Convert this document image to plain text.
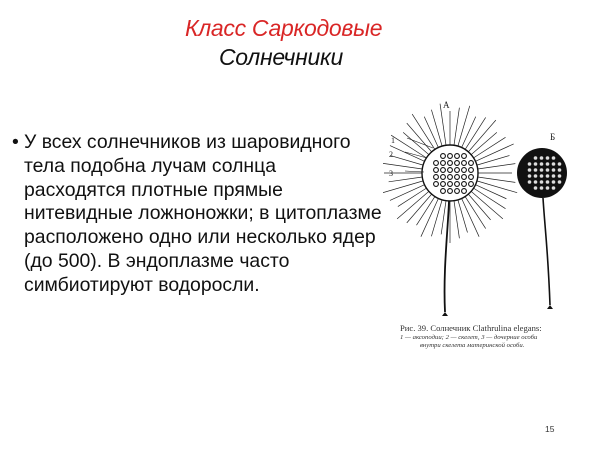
Класс Саркодовые
Солнечники
• У всех солнечников из шаровидного тела подобна лучам солнца расходятся плотные прямые нитевидные ложноножки; в цитоплазме расположено одно или несколько ядер (до 500). В эндоплазме часто симбиотируют водоросли.
А
Б
1
2
3
Рис. 39. Солнечник Clathrulina elegans:
1 — аксоподии; 2 — скелет, 3 — дочерние особи
внутри скелета материнской особи.
15
